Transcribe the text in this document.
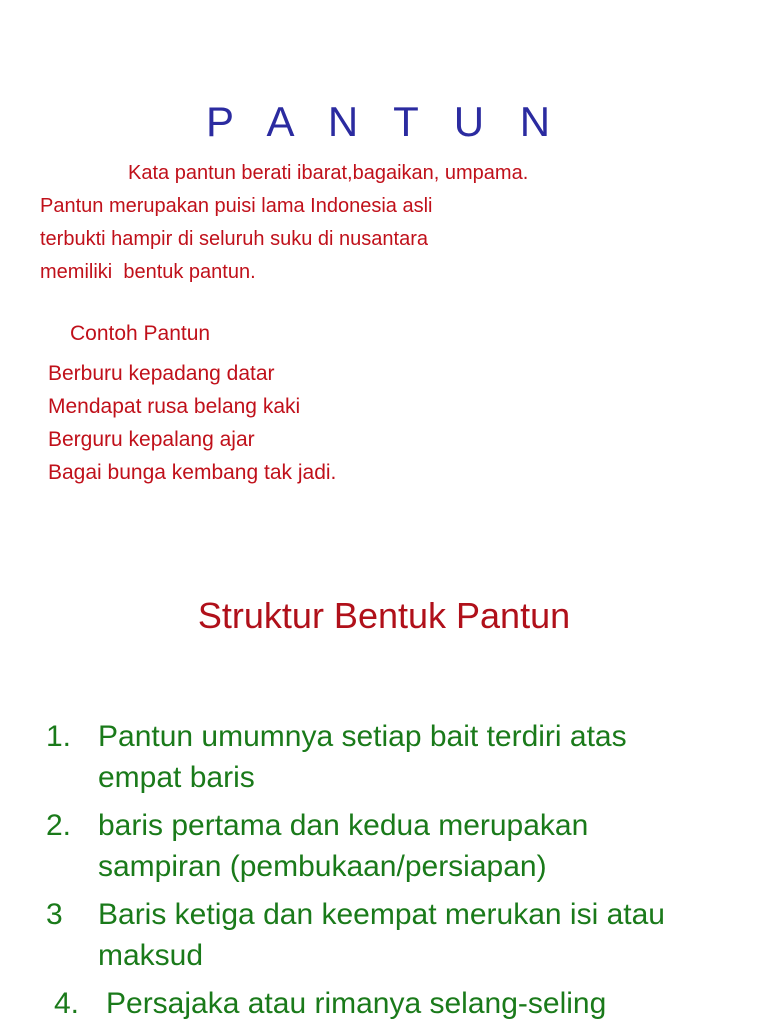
P A N T U N

Kata pantun berati ibarat,bagaikan, umpama.

Pantun merupakan puisi lama Indonesia asli
terbukti hampir di seluruh suku di nusantara
memiliki  bentuk pantun.

Contoh Pantun

Berburu kepadang datar
Mendapat rusa belang kaki
Berguru kepalang ajar
Bagai bunga kembang tak jadi.

Struktur Bentuk Pantun
1. Pantun umumnya setiap bait terdiri atas empat baris
2. baris pertama dan kedua merupakan sampiran (pembukaan/persiapan)
3 Baris ketiga dan keempat merukan isi atau maksud
4. Persajaka atau rimanya selang-seling
